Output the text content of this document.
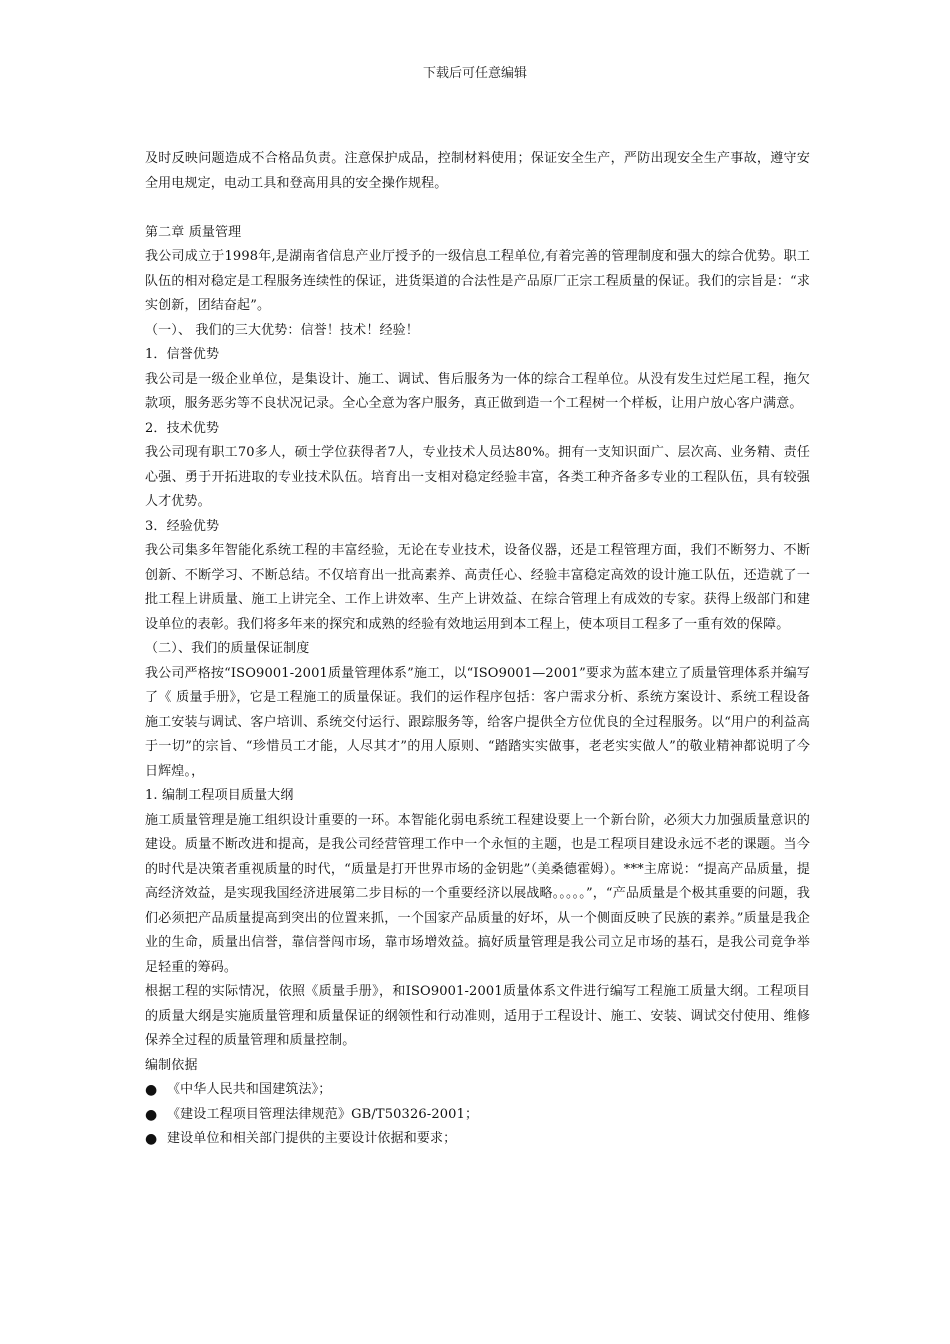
下载后可任意编辑

及时反映问题造成不合格品负责。注意保护成品，控制材料使用；保证安全生产，严防出现安全生产事故，遵守安全用电规定，电动工具和登高用具的安全操作规程。

第二章 质量管理

我公司成立于1998年,是湖南省信息产业厅授予的一级信息工程单位,有着完善的管理制度和强大的综合优势。职工队伍的相对稳定是工程服务连续性的保证，进货渠道的合法性是产品原厂正宗工程质量的保证。我们的宗旨是：“求实创新，团结奋起”。

（一）、 我们的三大优势：信誉！技术！经验！

1．信誉优势

我公司是一级企业单位，是集设计、施工、调试、售后服务为一体的综合工程单位。从没有发生过烂尾工程，拖欠款项，服务恶劣等不良状况记录。全心全意为客户服务，真正做到造一个工程树一个样板，让用户放心客户满意。

2．技术优势

我公司现有职工70多人，硕士学位获得者7人，专业技术人员达80%。拥有一支知识面广、层次高、业务精、责任心强、勇于开拓进取的专业技术队伍。培育出一支相对稳定经验丰富，各类工种齐备多专业的工程队伍，具有较强人才优势。

3．经验优势

我公司集多年智能化系统工程的丰富经验，无论在专业技术，设备仪器，还是工程管理方面，我们不断努力、不断创新、不断学习、不断总结。不仅培育出一批高素养、高责任心、经验丰富稳定高效的设计施工队伍，还造就了一批工程上讲质量、施工上讲完全、工作上讲效率、生产上讲效益、在综合管理上有成效的专家。获得上级部门和建设单位的表彰。我们将多年来的探究和成熟的经验有效地运用到本工程上，使本项目工程多了一重有效的保障。

（二）、我们的质量保证制度

我公司严格按“ISO9001-2001质量管理体系”施工，以“ISO9001—2001”要求为蓝本建立了质量管理体系并编写了《 质量手册》，它是工程施工的质量保证。我们的运作程序包括：客户需求分析、系统方案设计、系统工程设备施工安装与调试、客户培训、系统交付运行、跟踪服务等，给客户提供全方位优良的全过程服务。以“用户的利益高于一切”的宗旨、“珍惜员工才能，人尽其才”的用人原则、“踏踏实实做事，老老实实做人”的敬业精神都说明了今日辉煌。，

1. 编制工程项目质量大纲

施工质量管理是施工组织设计重要的一环。本智能化弱电系统工程建设要上一个新台阶，必须大力加强质量意识的建设。质量不断改进和提高，是我公司经营管理工作中一个永恒的主题，也是工程项目建设永远不老的课题。当今的时代是决策者重视质量的时代，“质量是打开世界市场的金钥匙”（美桑德霍姆）。***主席说：“提高产品质量，提高经济效益，是实现我国经济进展第二步目标的一个重要经济以展战略。。。。。”，“产品质量是个极其重要的问题，我们必须把产品质量提高到突出的位置来抓，一个国家产品质量的好坏，从一个侧面反映了民族的素养。”质量是我企业的生命，质量出信誉，靠信誉闯市场，靠市场增效益。搞好质量管理是我公司立足市场的基石，是我公司竟争举足轻重的筹码。

根据工程的实际情况，依照《质量手册》，和ISO9001-2001质量体系文件进行编写工程施工质量大纲。工程项目的质量大纲是实施质量管理和质量保证的纲领性和行动准则，适用于工程设计、施工、安装、调试交付使用、维修保养全过程的质量管理和质量控制。

编制依据

● 《中华人民共和国建筑法》；
● 《建设工程项目管理法律规范》GB/T50326-2001；
● 建设单位和相关部门提供的主要设计依据和要求；
